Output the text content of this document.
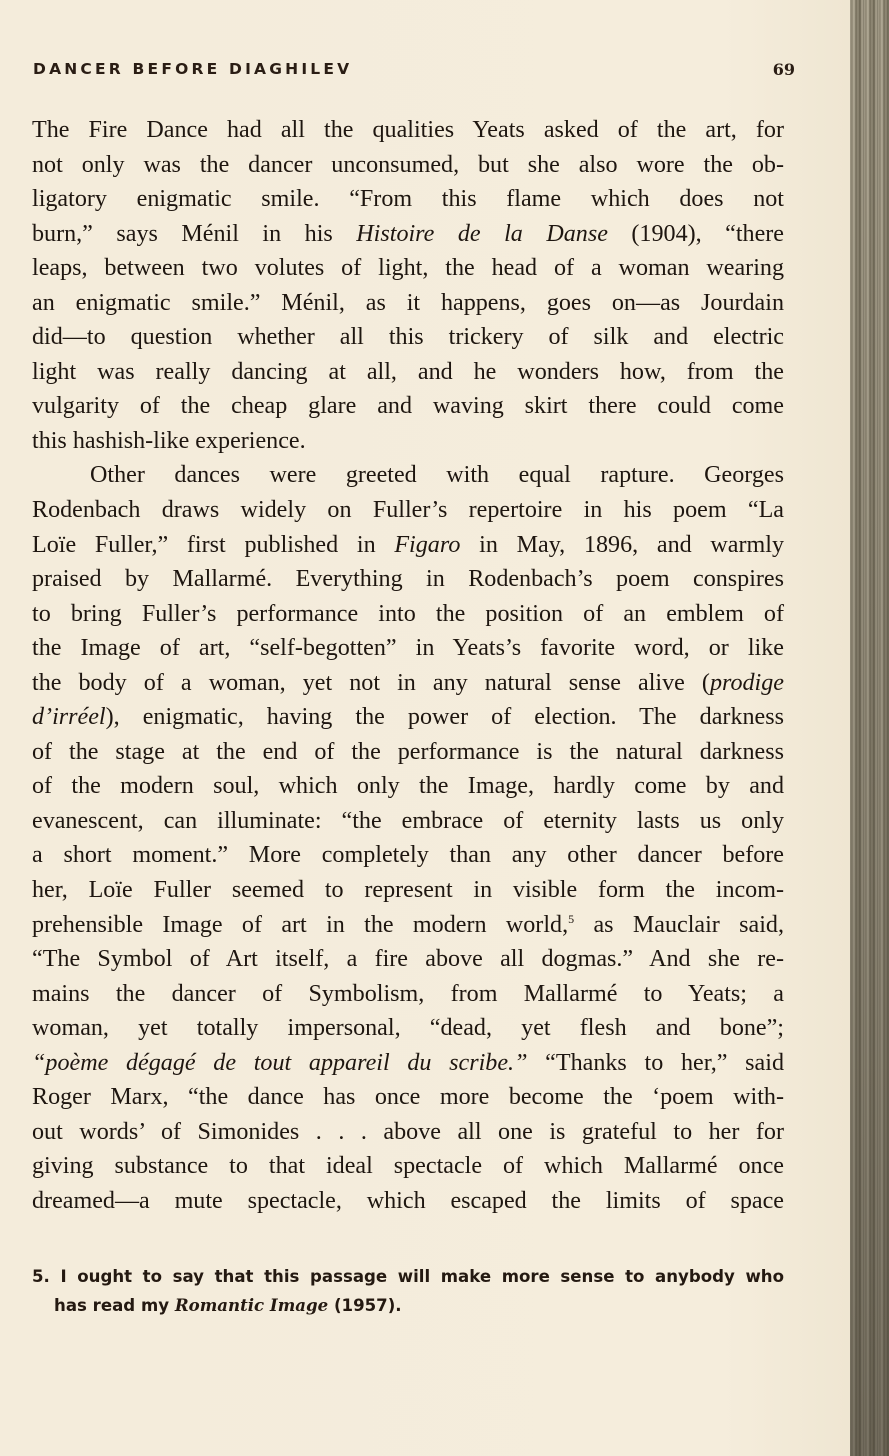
DANCER BEFORE DIAGHILEV	69
The Fire Dance had all the qualities Yeats asked of the art, for
not only was the dancer unconsumed, but she also wore the ob-
ligatory enigmatic smile. “From this flame which does not
burn,” says Ménil in his Histoire de la Danse (1904), “there
leaps, between two volutes of light, the head of a woman wearing
an enigmatic smile.” Ménil, as it happens, goes on—as Jourdain
did—to question whether all this trickery of silk and electric
light was really dancing at all, and he wonders how, from the
vulgarity of the cheap glare and waving skirt there could come
this hashish-like experience.
Other dances were greeted with equal rapture. Georges
Rodenbach draws widely on Fuller’s repertoire in his poem “La
Loïe Fuller,” first published in Figaro in May, 1896, and warmly
praised by Mallarmé. Everything in Rodenbach’s poem conspires
to bring Fuller’s performance into the position of an emblem of
the Image of art, “self-begotten” in Yeats’s favorite word, or like
the body of a woman, yet not in any natural sense alive (prodige
d’irréel), enigmatic, having the power of election. The darkness
of the stage at the end of the performance is the natural darkness
of the modern soul, which only the Image, hardly come by and
evanescent, can illuminate: “the embrace of eternity lasts us only
a short moment.” More completely than any other dancer before
her, Loïe Fuller seemed to represent in visible form the incom-
prehensible Image of art in the modern world,$^5$ as Mauclair said,
“The Symbol of Art itself, a fire above all dogmas.” And she re-
mains the dancer of Symbolism, from Mallarmé to Yeats; a
woman, yet totally impersonal, “dead, yet flesh and bone”;
“poème dégagé de tout appareil du scribe.” “Thanks to her,” said
Roger Marx, “the dance has once more become the ‘poem with-
out words’ of Simonides . . . above all one is grateful to her for
giving substance to that ideal spectacle of which Mallarmé once
dreamed—a mute spectacle, which escaped the limits of space
5. I ought to say that this passage will make more sense to anybody who
has read my Romantic Image (1957).
